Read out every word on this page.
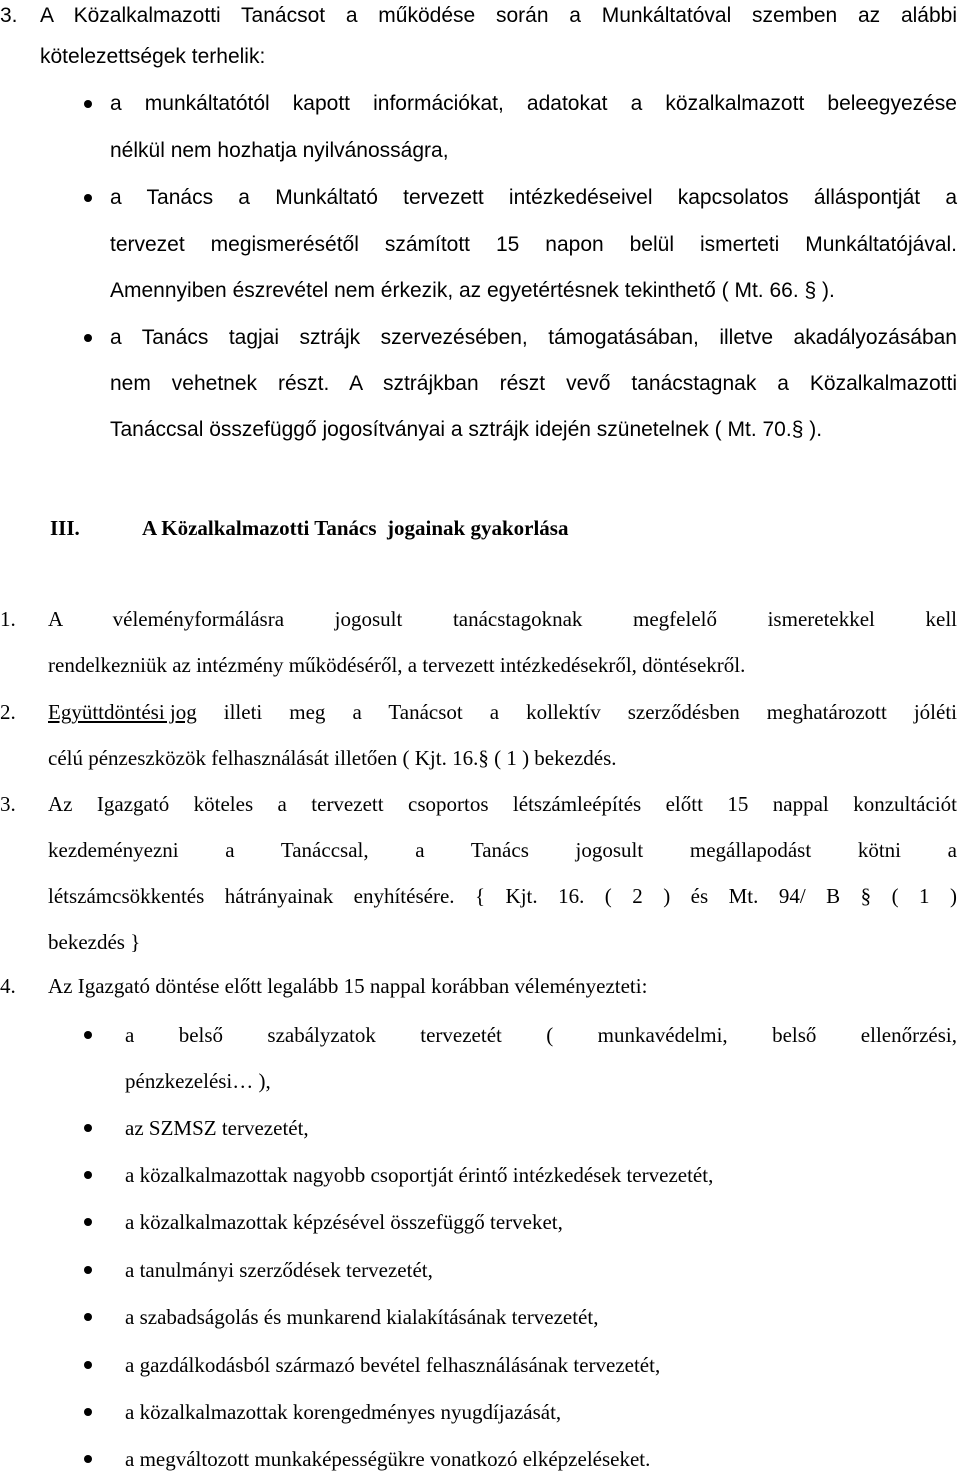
3. A Közalkalmazotti Tanácsot a működése során a Munkáltatóval szemben az alábbi
kötelezettségek terhelik:
a munkáltatótól kapott információkat, adatokat a közalkalmazott beleegyezése
nélkül nem hozhatja nyilvánosságra,
a Tanács a Munkáltató tervezett intézkedéseivel kapcsolatos álláspontját a
tervezet megismerésétől számított 15 napon belül ismerteti Munkáltatójával.
Amennyiben észrevétel nem érkezik, az egyetértésnek tekinthető ( Mt. 66. § ).
a Tanács tagjai sztrájk szervezésében, támogatásában, illetve akadályozásában
nem vehetnek részt. A sztrájkban részt vevő tanácstagnak a Közalkalmazotti
Tanáccsal összefüggő jogosítványai a sztrájk idején szünetelnek ( Mt. 70.§ ).
III.	A Közalkalmazotti Tanács  jogainak gyakorlása
1. A véleményformálásra jogosult tanácstagoknak megfelelő ismeretekkel kell
rendelkezniük az intézmény működéséről, a tervezett intézkedésekről, döntésekről.
2. Együttdöntési jog illeti meg a Tanácsot a kollektív szerződésben meghatározott jóléti
célú pénzeszközök felhasználását illetően ( Kjt. 16.§ ( 1 ) bekezdés.
3. Az Igazgató köteles a tervezett csoportos létszámleépítés előtt 15 nappal konzultációt
kezdeményezni a Tanáccsal, a Tanács jogosult megállapodást kötni a
létszámcsökkentés hátrányainak enyhítésére. { Kjt. 16. ( 2 ) és Mt. 94/ B § ( 1 )
bekezdés }
4. Az Igazgató döntése előtt legalább 15 nappal korábban véleményezteti:
a belső szabályzatok tervezetét ( munkavédelmi, belső ellenőrzési,
pénzkezelési… ),
az SZMSZ tervezetét,
a közalkalmazottak nagyobb csoportját érintő intézkedések tervezetét,
a közalkalmazottak képzésével összefüggő terveket,
a tanulmányi szerződések tervezetét,
a szabadságolás és munkarend kialakításának tervezetét,
a gazdálkodásból származó bevétel felhasználásának tervezetét,
a közalkalmazottak korengedményes nyugdíjazását,
a megváltozott munkaképességükre vonatkozó elképzeléseket.
